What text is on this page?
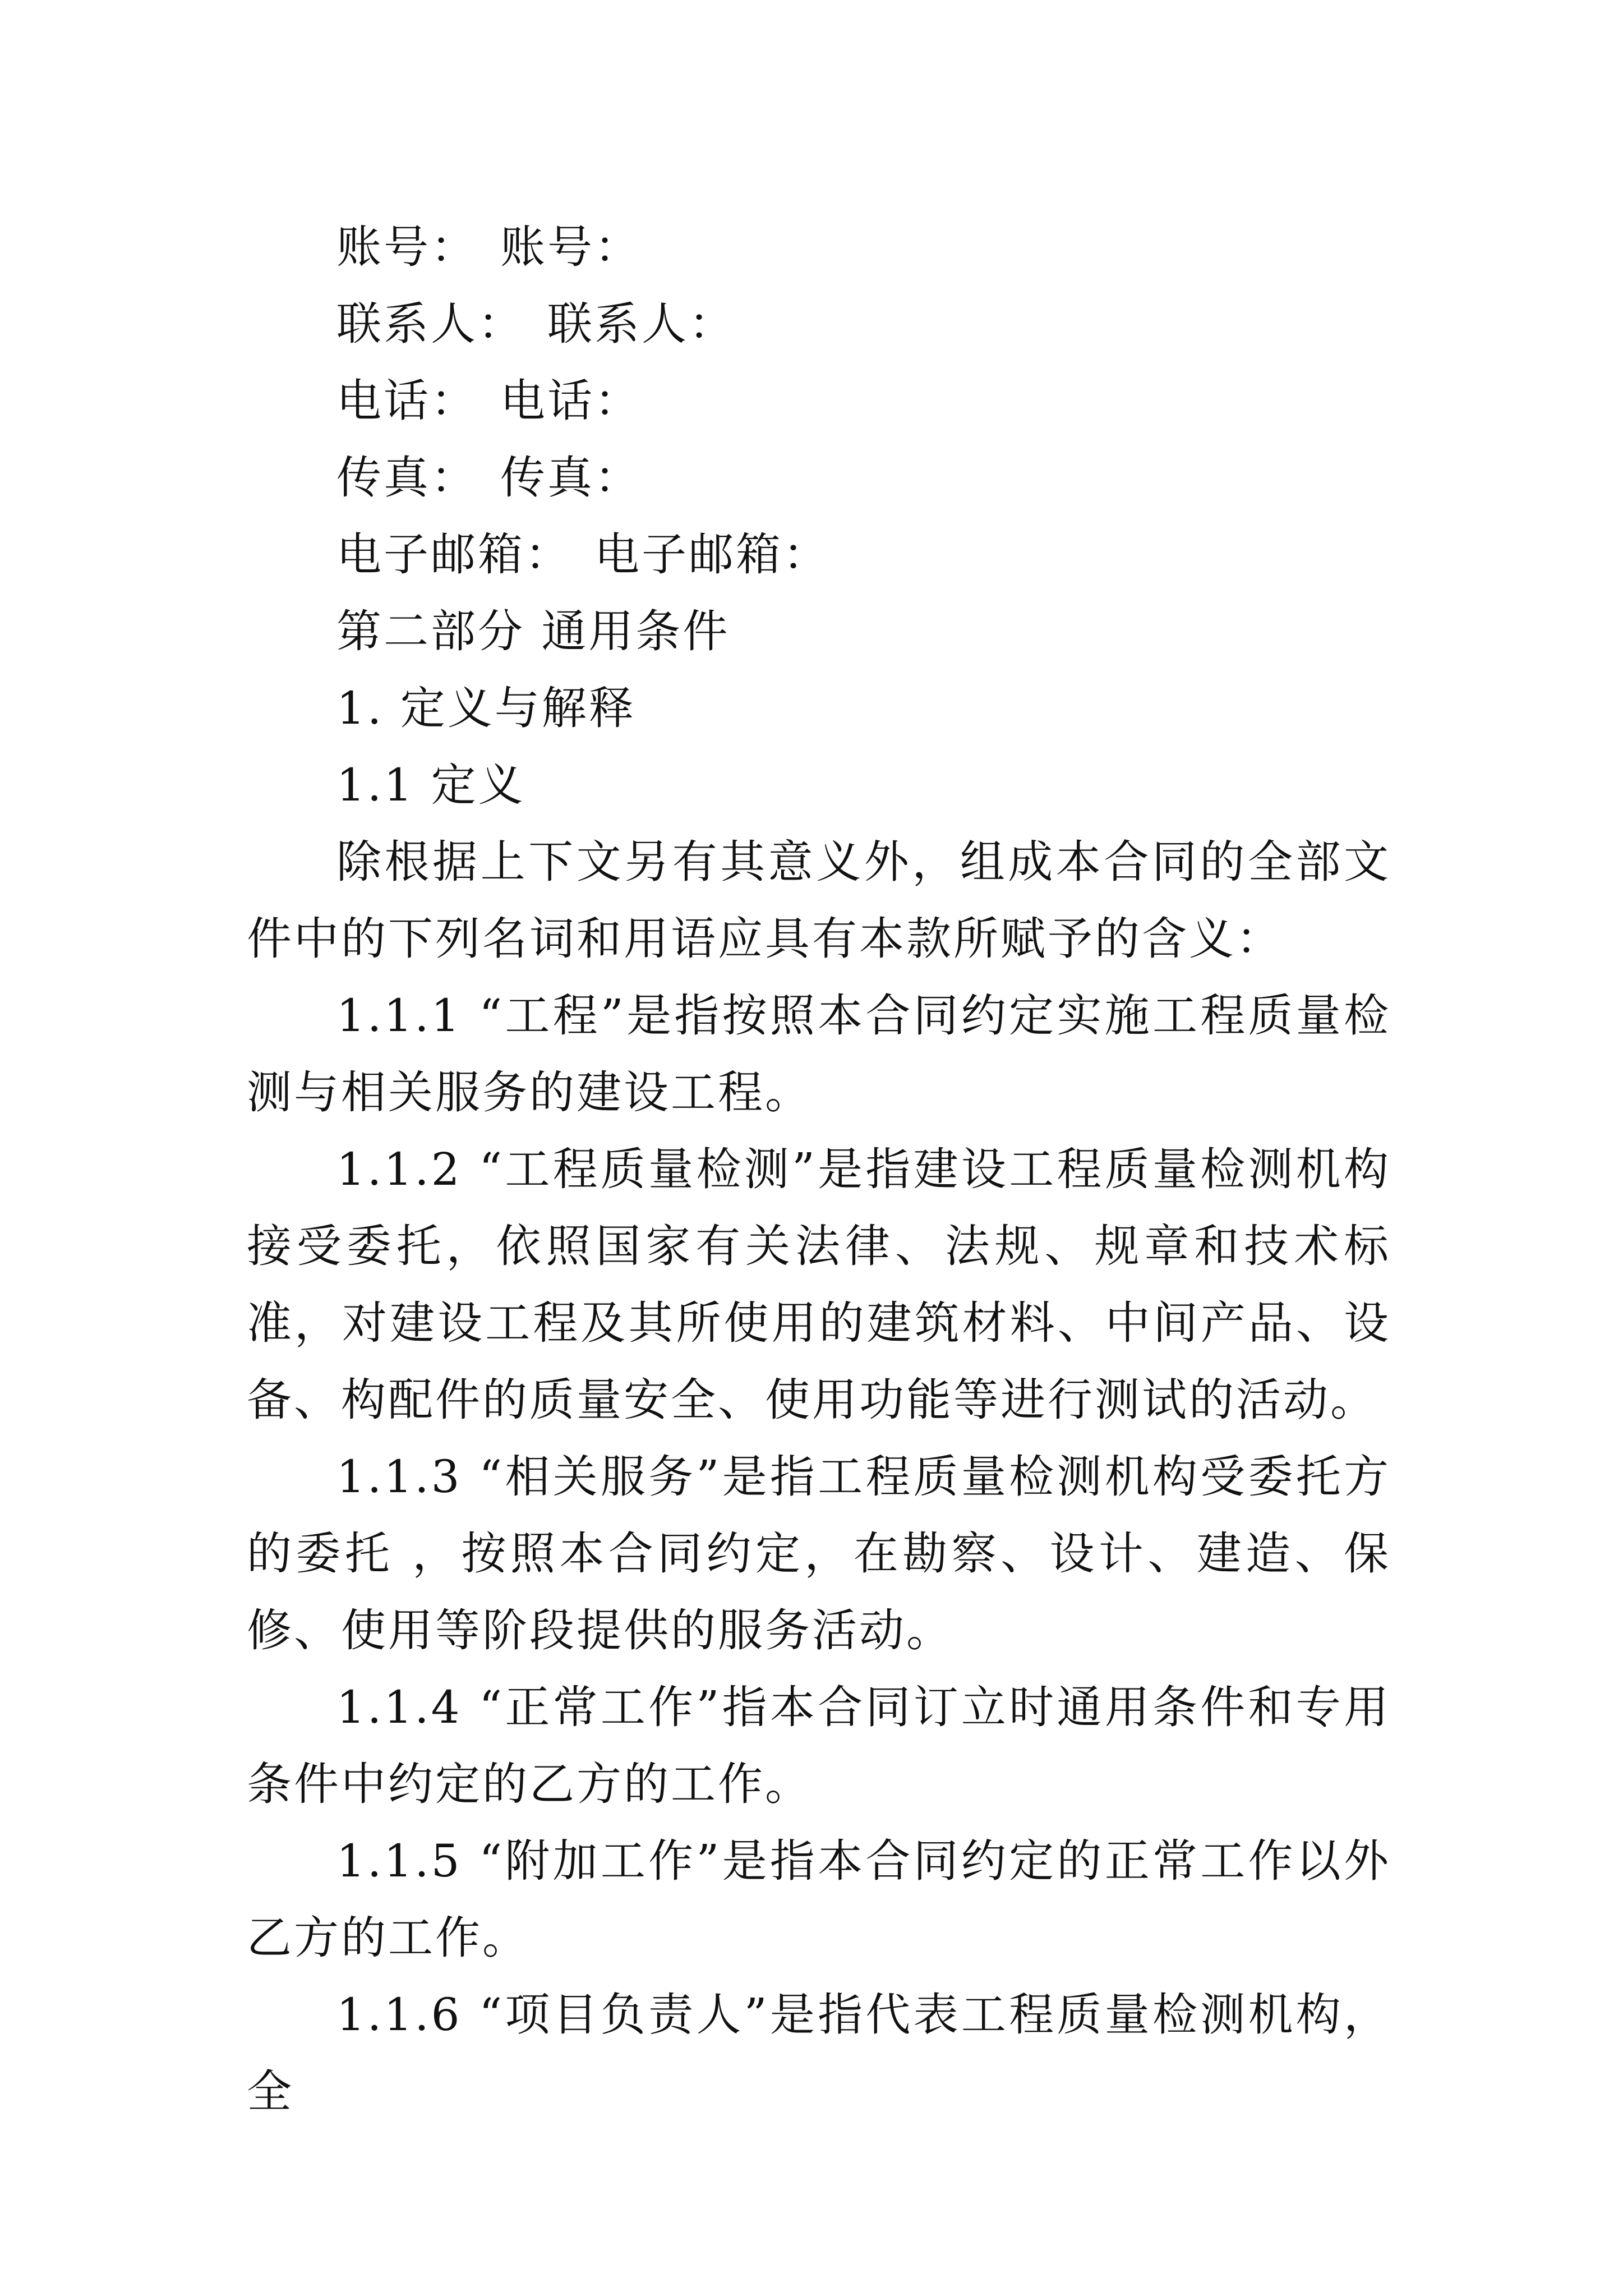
账号： 账号：
联系人： 联系人：
电话： 电话：
传真： 传真：
电子邮箱： 电子邮箱：
第二部分 通用条件
1. 定义与解释
1.1 定义

除根据上下文另有其意义外，组成本合同的全部文件中的下列名词和用语应具有本款所赋予的含义：

1.1.1 “工程”是指按照本合同约定实施工程质量检测与相关服务的建设工程。

1.1.2 “工程质量检测”是指建设工程质量检测机构接受委托，依照国家有关法律、法规、规章和技术标准，对建设工程及其所使用的建筑材料、中间产品、设备、构配件的质量安全、使用功能等进行测试的活动。

1.1.3 “相关服务”是指工程质量检测机构受委托方的委托 ，按照本合同约定，在勘察、设计、建造、保修、使用等阶段提供的服务活动。

1.1.4 “正常工作”指本合同订立时通用条件和专用条件中约定的乙方的工作。

1.1.5 “附加工作”是指本合同约定的正常工作以外乙方的工作。

1.1.6 “项目负责人”是指代表工程质量检测机构，全
